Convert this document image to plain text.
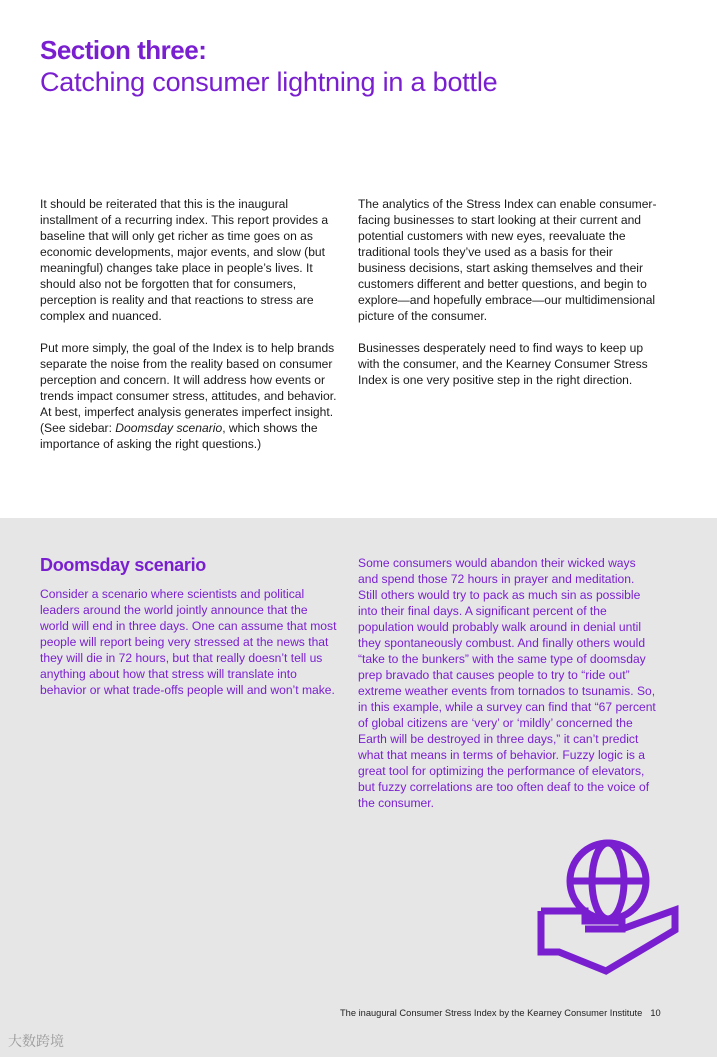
Section three:
Catching consumer lightning in a bottle

It should be reiterated that this is the inaugural installment of a recurring index. This report provides a baseline that will only get richer as time goes on as economic developments, major events, and slow (but meaningful) changes take place in people’s lives. It should also not be forgotten that for consumers, perception is reality and that reactions to stress are complex and nuanced.

Put more simply, the goal of the Index is to help brands separate the noise from the reality based on consumer perception and concern. It will address how events or trends impact consumer stress, attitudes, and behavior. At best, imperfect analysis generates imperfect insight. (See sidebar: Doomsday scenario, which shows the importance of asking the right questions.)

The analytics of the Stress Index can enable consumer-facing businesses to start looking at their current and potential customers with new eyes, reevaluate the traditional tools they’ve used as a basis for their business decisions, start asking themselves and their customers different and better questions, and begin to explore—and hopefully embrace—our multidimensional picture of the consumer.

Businesses desperately need to find ways to keep up with the consumer, and the Kearney Consumer Stress Index is one very positive step in the right direction.

Doomsday scenario

Consider a scenario where scientists and political leaders around the world jointly announce that the world will end in three days. One can assume that most people will report being very stressed at the news that they will die in 72 hours, but that really doesn’t tell us anything about how that stress will translate into behavior or what trade-offs people will and won’t make.

Some consumers would abandon their wicked ways and spend those 72 hours in prayer and meditation. Still others would try to pack as much sin as possible into their final days. A significant percent of the population would probably walk around in denial until they spontaneously combust. And finally others would “take to the bunkers” with the same type of doomsday prep bravado that causes people to try to “ride out” extreme weather events from tornados to tsunamis. So, in this example, while a survey can find that “67 percent of global citizens are ‘very’ or ‘mildly’ concerned the Earth will be destroyed in three days,” it can’t predict what that means in terms of behavior. Fuzzy logic is a great tool for optimizing the performance of elevators, but fuzzy correlations are too often deaf to the voice of the consumer.

The inaugural Consumer Stress Index by the Kearney Consumer Institute 10
大数跨境
